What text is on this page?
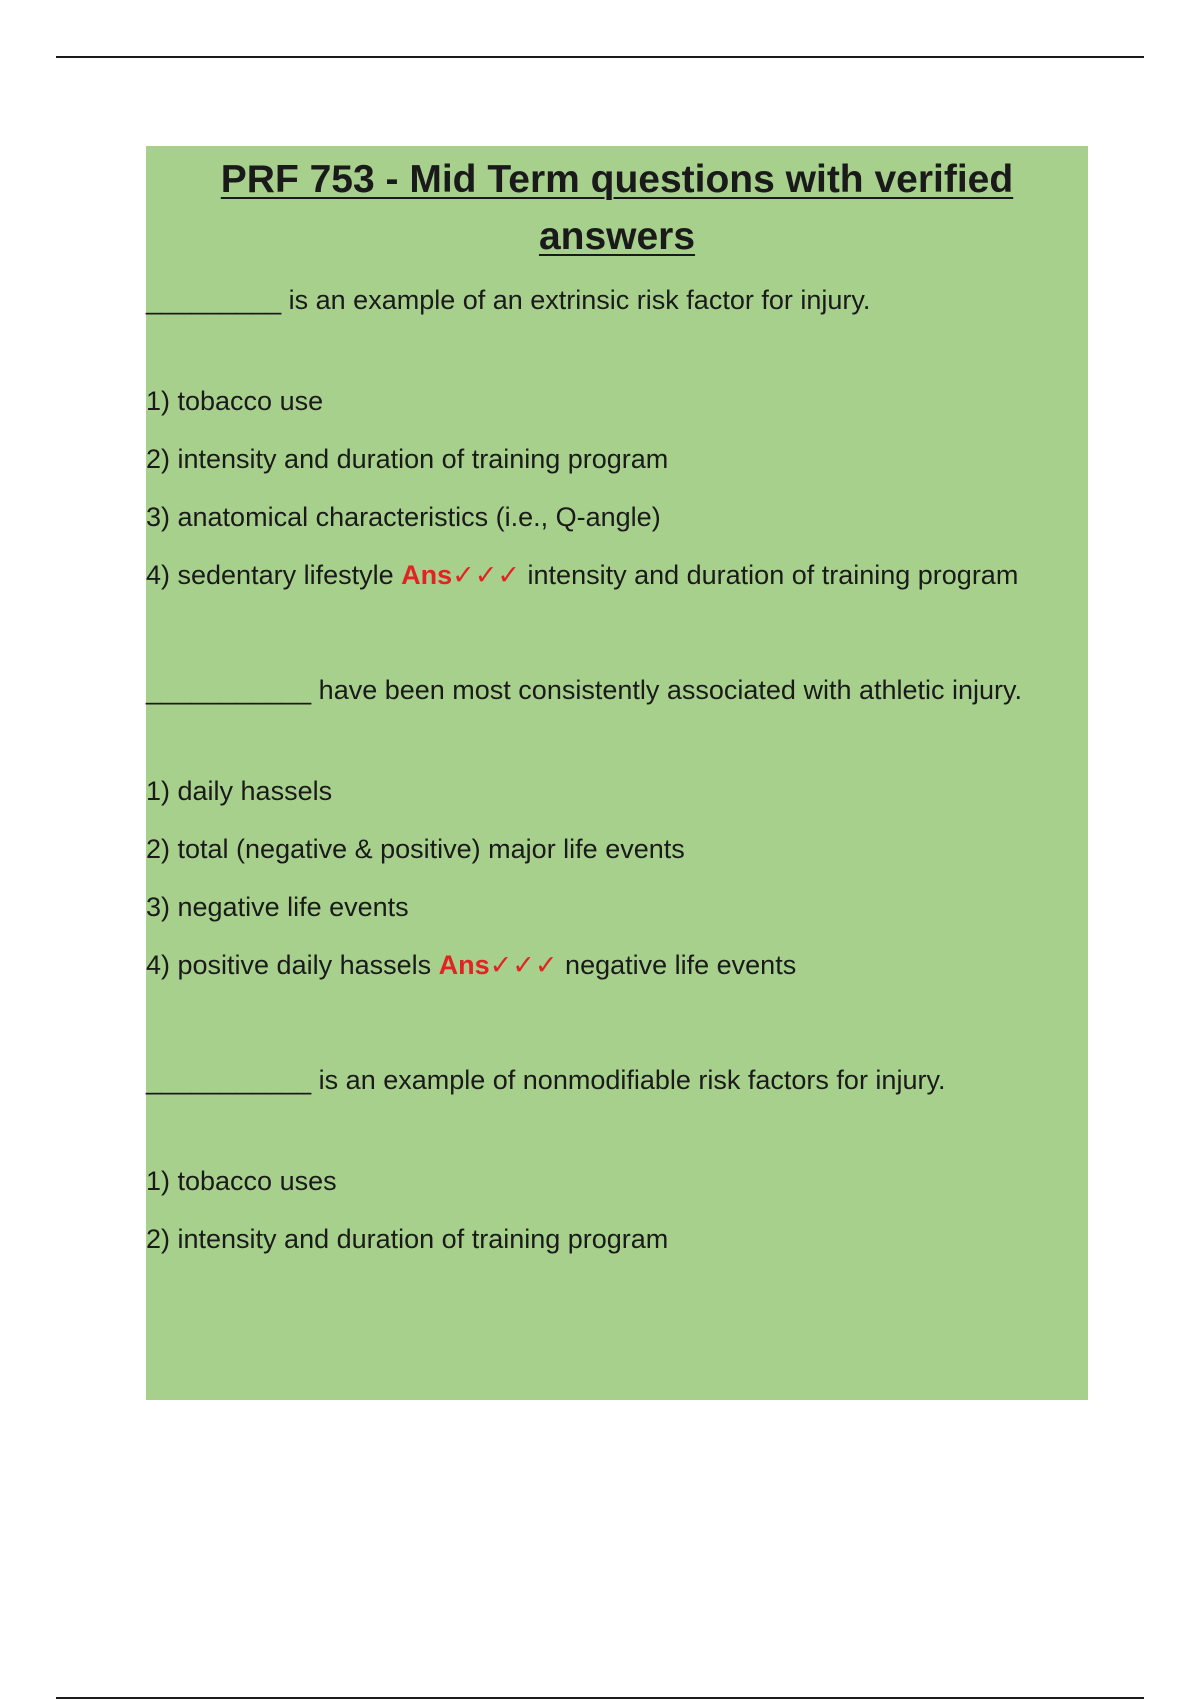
PRF 753 - Mid Term questions with verified answers

_________ is an example of an extrinsic risk factor for injury.

1) tobacco use

2) intensity and duration of training program

3) anatomical characteristics (i.e., Q-angle)

4) sedentary lifestyle Ans✓✓✓ intensity and duration of training program

___________ have been most consistently associated with athletic injury.

1) daily hassels

2) total (negative & positive) major life events

3) negative life events

4) positive daily hassels Ans✓✓✓ negative life events

___________ is an example of nonmodifiable risk factors for injury.

1) tobacco uses

2) intensity and duration of training program
